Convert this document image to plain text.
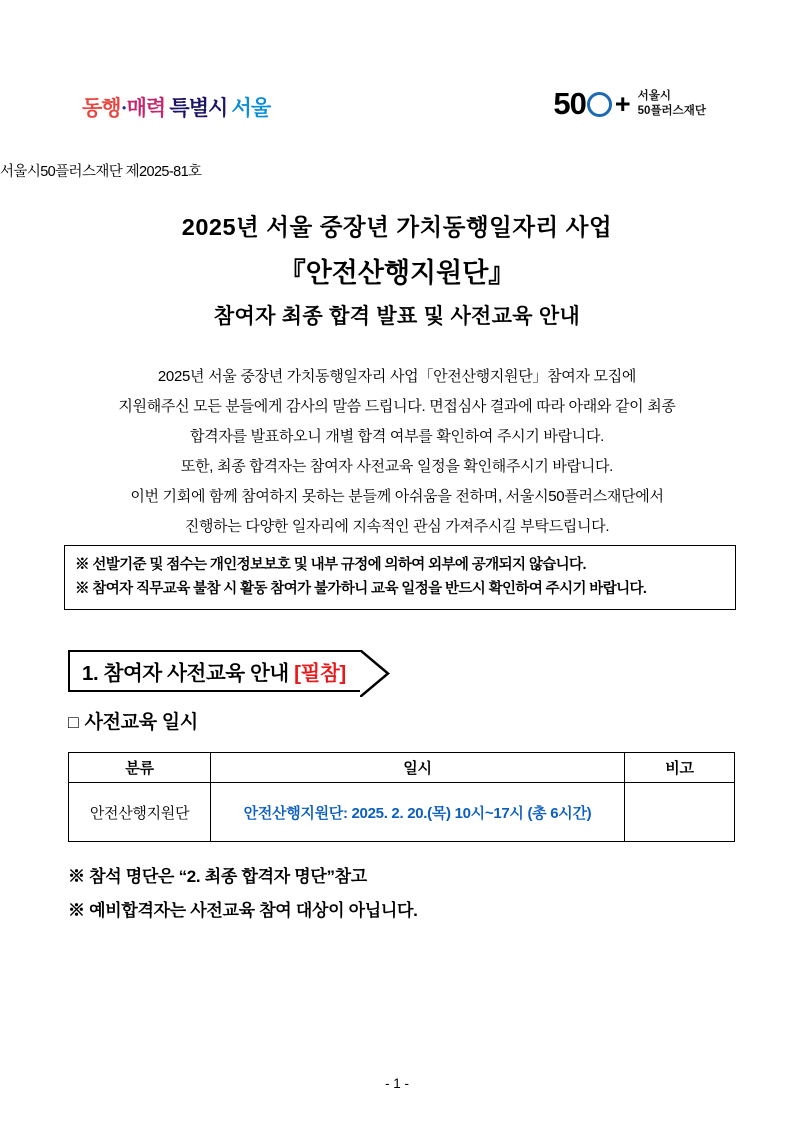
동행·매력 특별시 서울	50 + 서울시
50플러스재단
서울시50플러스재단 제2025-81호
2025년 서울 중장년 가치동행일자리 사업
『안전산행지원단』
참여자 최종 합격 발표 및 사전교육 안내
2025년 서울 중장년 가치동행일자리 사업「안전산행지원단」참여자 모집에
지원해주신 모든 분들에게 감사의 말씀 드립니다. 면접심사 결과에 따라 아래와 같이 최종
합격자를 발표하오니 개별 합격 여부를 확인하여 주시기 바랍니다.
또한, 최종 합격자는 참여자 사전교육 일정을 확인해주시기 바랍니다.
이번 기회에 함께 참여하지 못하는 분들께 아쉬움을 전하며, 서울시50플러스재단에서
진행하는 다양한 일자리에 지속적인 관심 가져주시길 부탁드립니다.
※ 선발기준 및 점수는 개인정보보호 및 내부 규정에 의하여 외부에 공개되지 않습니다.
※ 참여자 직무교육 불참 시 활동 참여가 불가하니 교육 일정을 반드시 확인하여 주시기 바랍니다.
1. 참여자 사전교육 안내 [필참]
□ 사전교육 일시
분류	일시	비고
안전산행지원단	안전산행지원단: 2025. 2. 20.(목) 10시~17시 (총 6시간)	
※ 참석 명단은 “2. 최종 합격자 명단”참고
※ 예비합격자는 사전교육 참여 대상이 아닙니다.
- 1 -
